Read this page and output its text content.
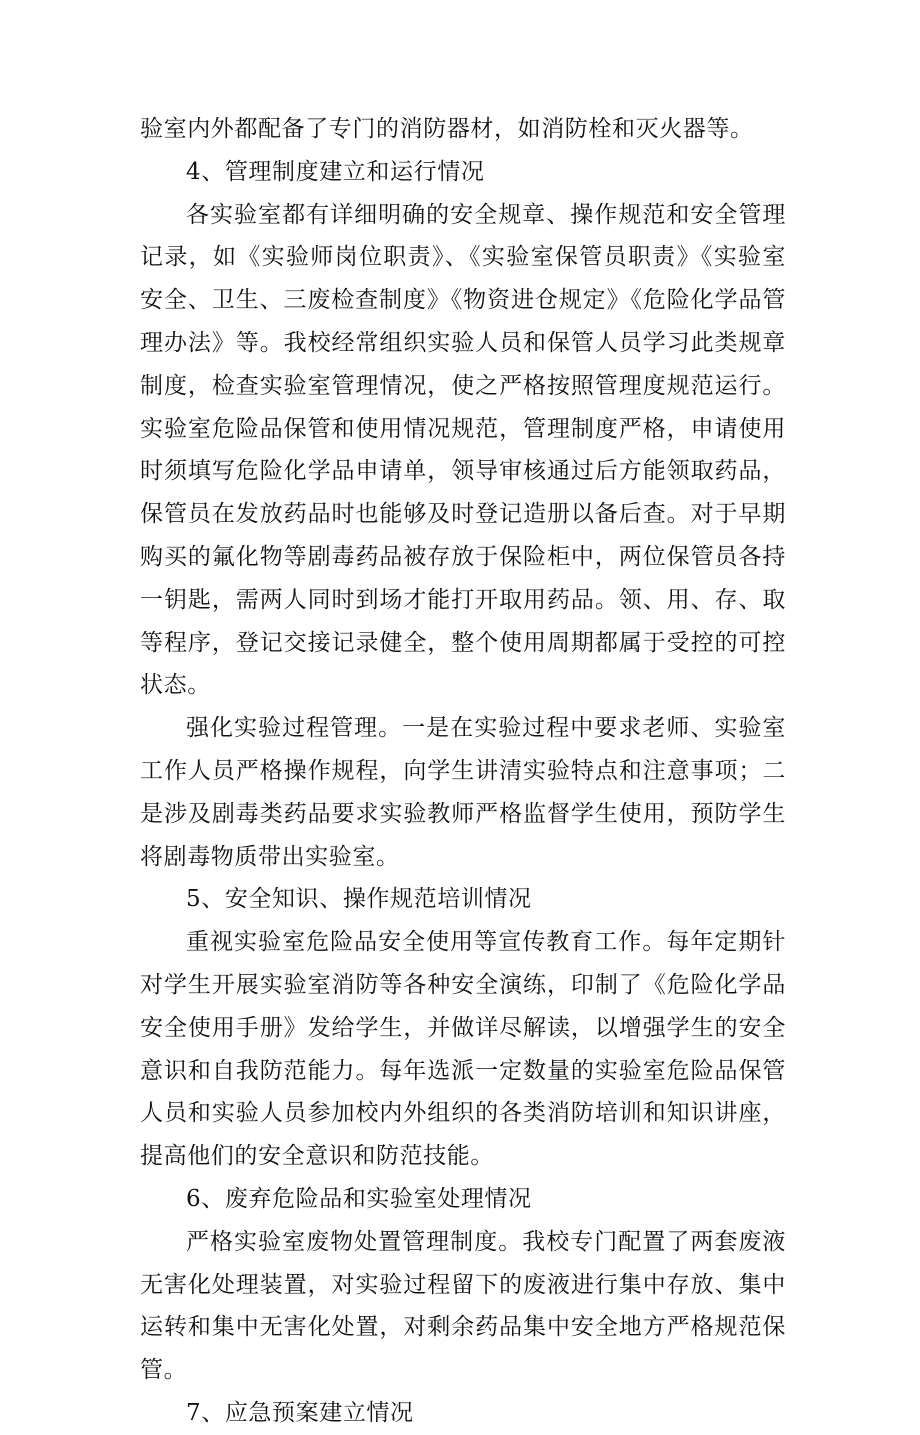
验室内外都配备了专门的消防器材，如消防栓和灭火器等。

4、管理制度建立和运行情况

各实验室都有详细明确的安全规章、操作规范和安全管理记录，如《实验师岗位职责》、《实验室保管员职责》《实验室安全、卫生、三废检查制度》《物资进仓规定》《危险化学品管理办法》等。我校经常组织实验人员和保管人员学习此类规章制度，检查实验室管理情况，使之严格按照管理度规范运行。实验室危险品保管和使用情况规范，管理制度严格，申请使用时须填写危险化学品申请单，领导审核通过后方能领取药品，保管员在发放药品时也能够及时登记造册以备后查。对于早期购买的氟化物等剧毒药品被存放于保险柜中，两位保管员各持一钥匙，需两人同时到场才能打开取用药品。领、用、存、取等程序，登记交接记录健全，整个使用周期都属于受控的可控状态。

强化实验过程管理。一是在实验过程中要求老师、实验室工作人员严格操作规程，向学生讲清实验特点和注意事项；二是涉及剧毒类药品要求实验教师严格监督学生使用，预防学生将剧毒物质带出实验室。

5、安全知识、操作规范培训情况

重视实验室危险品安全使用等宣传教育工作。每年定期针对学生开展实验室消防等各种安全演练，印制了《危险化学品安全使用手册》发给学生，并做详尽解读，以增强学生的安全意识和自我防范能力。每年选派一定数量的实验室危险品保管人员和实验人员参加校内外组织的各类消防培训和知识讲座，提高他们的安全意识和防范技能。

6、废弃危险品和实验室处理情况

严格实验室废物处置管理制度。我校专门配置了两套废液无害化处理装置，对实验过程留下的废液进行集中存放、集中运转和集中无害化处置，对剩余药品集中安全地方严格规范保管。

7、应急预案建立情况
